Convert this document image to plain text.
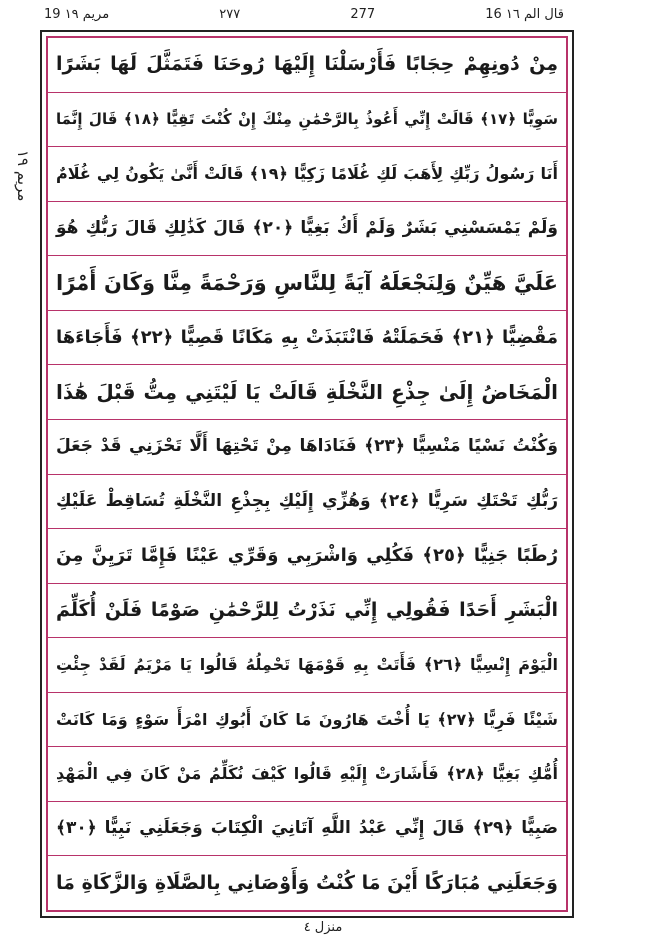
19 مريم ١٩	٢٧٧	277	16 قال الم ١٦
مريم ١٩
مِنْ دُونِهِمْ حِجَابًا فَأَرْسَلْنَا إِلَيْهَا رُوحَنَا فَتَمَثَّلَ لَهَا بَشَرًا
سَوِيًّا ﴿١٧﴾ قَالَتْ إِنِّي أَعُوذُ بِالرَّحْمَٰنِ مِنْكَ إِنْ كُنْتَ تَقِيًّا ﴿١٨﴾ قَالَ إِنَّمَا
أَنَا رَسُولُ رَبِّكِ لِأَهَبَ لَكِ غُلَامًا زَكِيًّا ﴿١٩﴾ قَالَتْ أَنَّىٰ يَكُونُ لِي غُلَامٌ
وَلَمْ يَمْسَسْنِي بَشَرٌ وَلَمْ أَكُ بَغِيًّا ﴿٢٠﴾ قَالَ كَذَٰلِكِ قَالَ رَبُّكِ هُوَ
عَلَيَّ هَيِّنٌ وَلِنَجْعَلَهُ آيَةً لِلنَّاسِ وَرَحْمَةً مِنَّا وَكَانَ أَمْرًا
مَقْضِيًّا ﴿٢١﴾ فَحَمَلَتْهُ فَانْتَبَذَتْ بِهِ مَكَانًا قَصِيًّا ﴿٢٢﴾ فَأَجَاءَهَا
الْمَخَاضُ إِلَىٰ جِذْعِ النَّخْلَةِ قَالَتْ يَا لَيْتَنِي مِتُّ قَبْلَ هَٰذَا
وَكُنْتُ نَسْيًا مَنْسِيًّا ﴿٢٣﴾ فَنَادَاهَا مِنْ تَحْتِهَا أَلَّا تَحْزَنِي قَدْ جَعَلَ
رَبُّكِ تَحْتَكِ سَرِيًّا ﴿٢٤﴾ وَهُزِّي إِلَيْكِ بِجِذْعِ النَّخْلَةِ تُسَاقِطْ عَلَيْكِ
رُطَبًا جَنِيًّا ﴿٢٥﴾ فَكُلِي وَاشْرَبِي وَقَرِّي عَيْنًا فَإِمَّا تَرَيِنَّ مِنَ
الْبَشَرِ أَحَدًا فَقُولِي إِنِّي نَذَرْتُ لِلرَّحْمَٰنِ صَوْمًا فَلَنْ أُكَلِّمَ
الْيَوْمَ إِنْسِيًّا ﴿٢٦﴾ فَأَتَتْ بِهِ قَوْمَهَا تَحْمِلُهُ قَالُوا يَا مَرْيَمُ لَقَدْ جِئْتِ
شَيْئًا فَرِيًّا ﴿٢٧﴾ يَا أُخْتَ هَارُونَ مَا كَانَ أَبُوكِ امْرَأَ سَوْءٍ وَمَا كَانَتْ
أُمُّكِ بَغِيًّا ﴿٢٨﴾ فَأَشَارَتْ إِلَيْهِ قَالُوا كَيْفَ نُكَلِّمُ مَنْ كَانَ فِي الْمَهْدِ
صَبِيًّا ﴿٢٩﴾ قَالَ إِنِّي عَبْدُ اللَّهِ آتَانِيَ الْكِتَابَ وَجَعَلَنِي نَبِيًّا ﴿٣٠﴾
وَجَعَلَنِي مُبَارَكًا أَيْنَ مَا كُنْتُ وَأَوْصَانِي بِالصَّلَاةِ وَالزَّكَاةِ مَا
منزل ٤
